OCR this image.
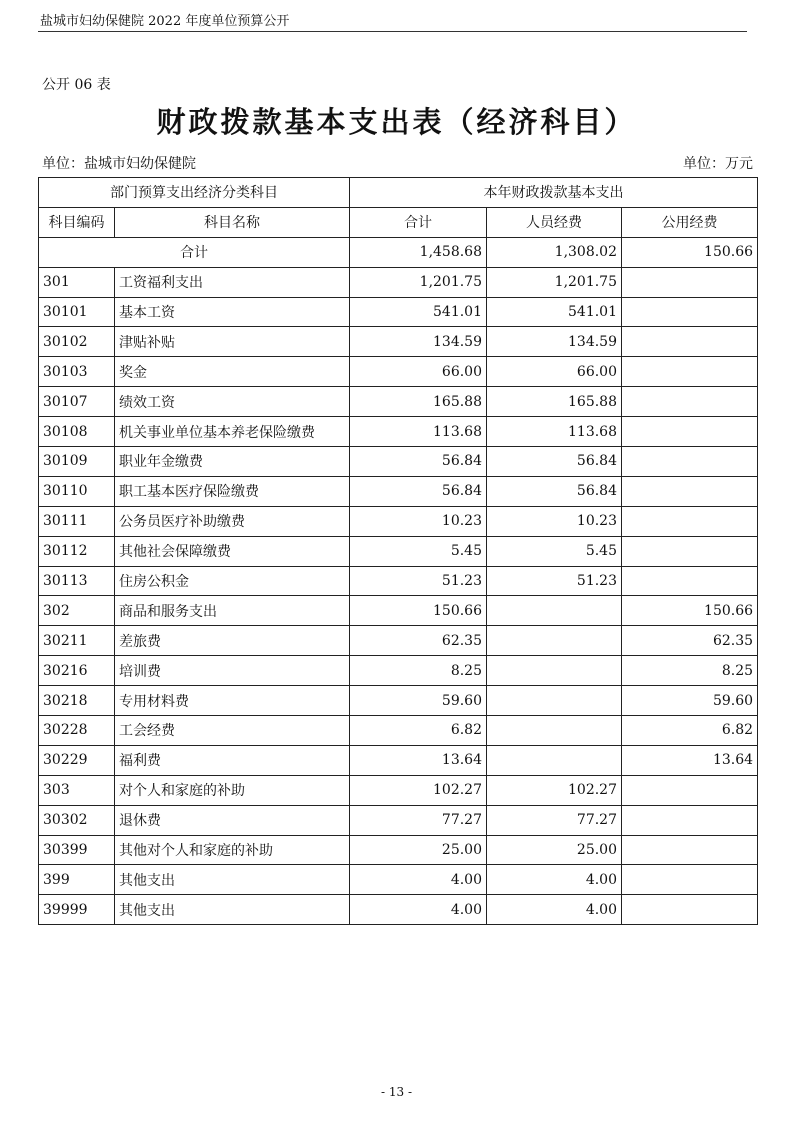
盐城市妇幼保健院 2022 年度单位预算公开
公开 06 表
财政拨款基本支出表（经济科目）
单位：盐城市妇幼保健院	单位：万元
部门预算支出经济分类科目		本年财政拨款基本支出		
科目编码	科目名称	合计	人员经费	公用经费
合计		1,458.68	1,308.02	150.66
301	工资福利支出	1,201.75	1,201.75	
30101	基本工资	541.01	541.01	
30102	津贴补贴	134.59	134.59	
30103	奖金	66.00	66.00	
30107	绩效工资	165.88	165.88	
30108	机关事业单位基本养老保险缴费	113.68	113.68	
30109	职业年金缴费	56.84	56.84	
30110	职工基本医疗保险缴费	56.84	56.84	
30111	公务员医疗补助缴费	10.23	10.23	
30112	其他社会保障缴费	5.45	5.45	
30113	住房公积金	51.23	51.23	
302	商品和服务支出	150.66		150.66
30211	差旅费	62.35		62.35
30216	培训费	8.25		8.25
30218	专用材料费	59.60		59.60
30228	工会经费	6.82		6.82
30229	福利费	13.64		13.64
303	对个人和家庭的补助	102.27	102.27	
30302	退休费	77.27	77.27	
30399	其他对个人和家庭的补助	25.00	25.00	
399	其他支出	4.00	4.00	
39999	其他支出	4.00	4.00	
- 13 -
